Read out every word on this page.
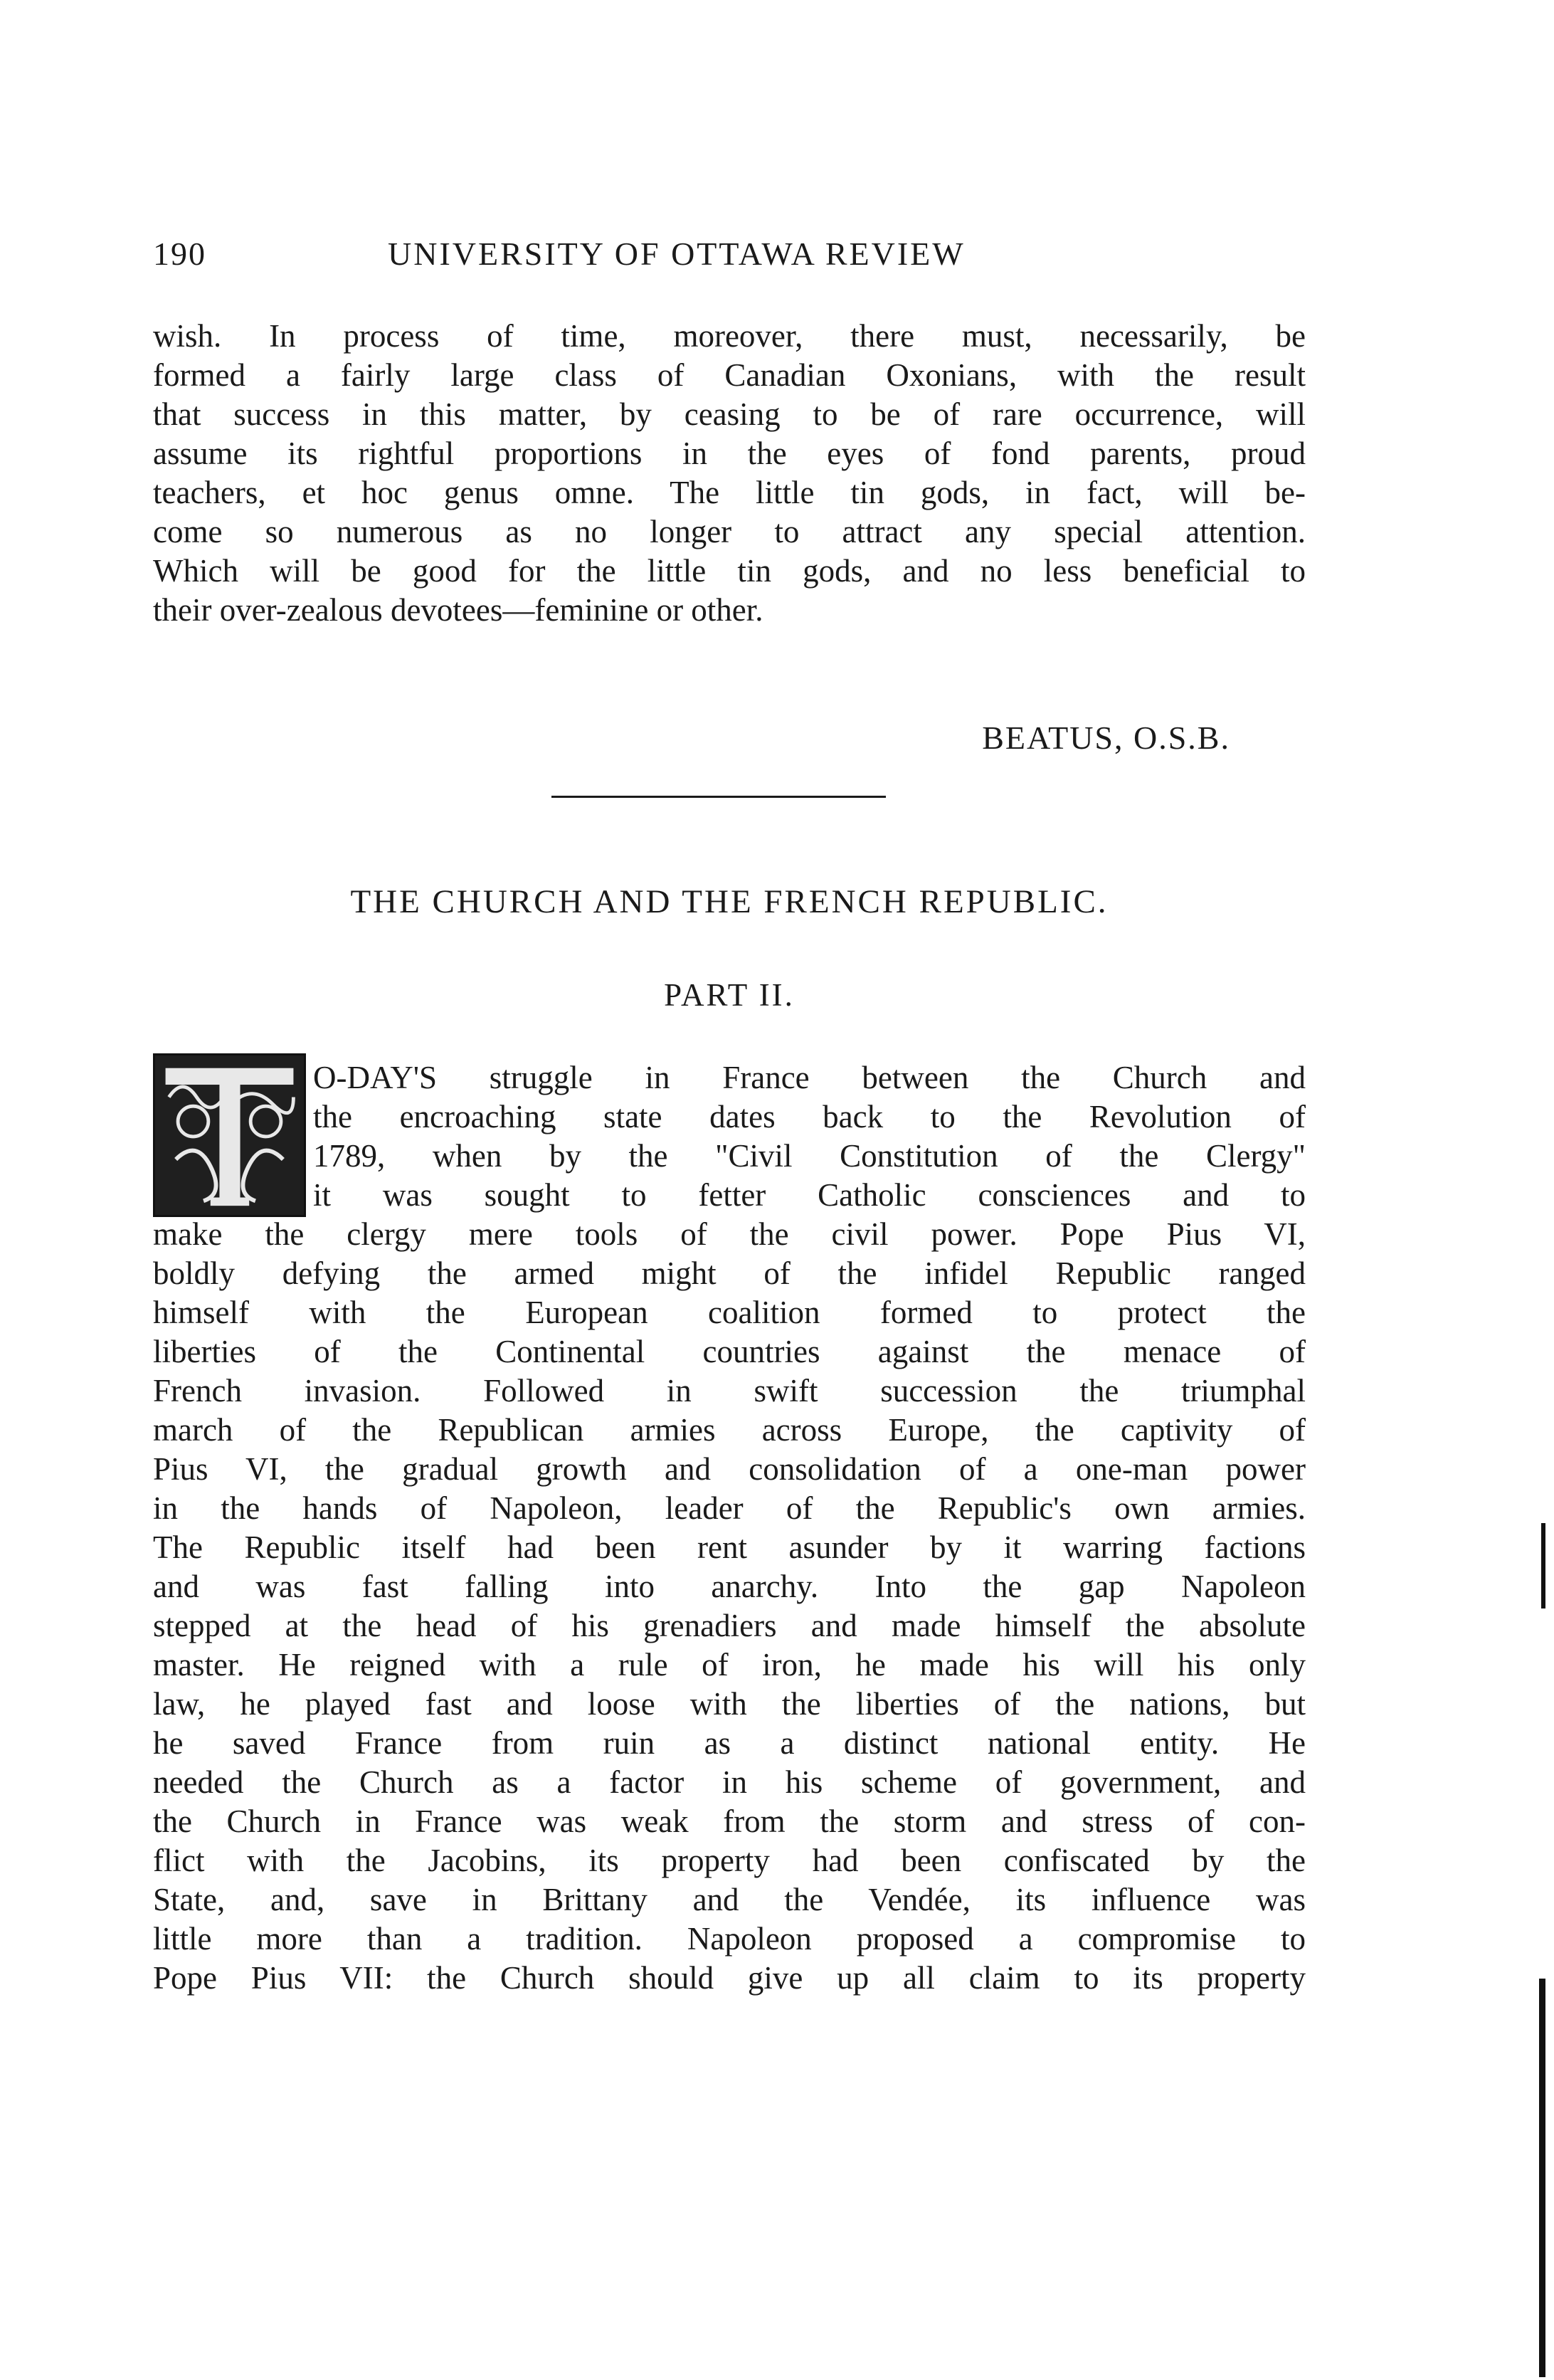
190	UNIVERSITY OF OTTAWA REVIEW
wish. In process of time, moreover, there must, necessarily, be
formed a fairly large class of Canadian Oxonians, with the result
that success in this matter, by ceasing to be of rare occurrence, will
assume its rightful proportions in the eyes of fond parents, proud
teachers, et hoc genus omne. The little tin gods, in fact, will be-
come so numerous as no longer to attract any special attention.
Which will be good for the little tin gods, and no less beneficial to
their over-zealous devotees—feminine or other.
BEATUS, O.S.B.
THE CHURCH AND THE FRENCH REPUBLIC.
PART II.
O-DAY'S struggle in France between the Church and
the encroaching state dates back to the Revolution of
1789, when by the "Civil Constitution of the Clergy"
it was sought to fetter Catholic consciences and to
make the clergy mere tools of the civil power. Pope Pius VI,
boldly defying the armed might of the infidel Republic ranged
himself with the European coalition formed to protect the
liberties of the Continental countries against the menace of
French invasion. Followed in swift succession the triumphal
march of the Republican armies across Europe, the captivity of
Pius VI, the gradual growth and consolidation of a one-man power
in the hands of Napoleon, leader of the Republic's own armies.
The Republic itself had been rent asunder by it warring factions
and was fast falling into anarchy. Into the gap Napoleon
stepped at the head of his grenadiers and made himself the absolute
master. He reigned with a rule of iron, he made his will his only
law, he played fast and loose with the liberties of the nations, but
he saved France from ruin as a distinct national entity. He
needed the Church as a factor in his scheme of government, and
the Church in France was weak from the storm and stress of con-
flict with the Jacobins, its property had been confiscated by the
State, and, save in Brittany and the Vendée, its influence was
little more than a tradition. Napoleon proposed a compromise to
Pope Pius VII: the Church should give up all claim to its property
